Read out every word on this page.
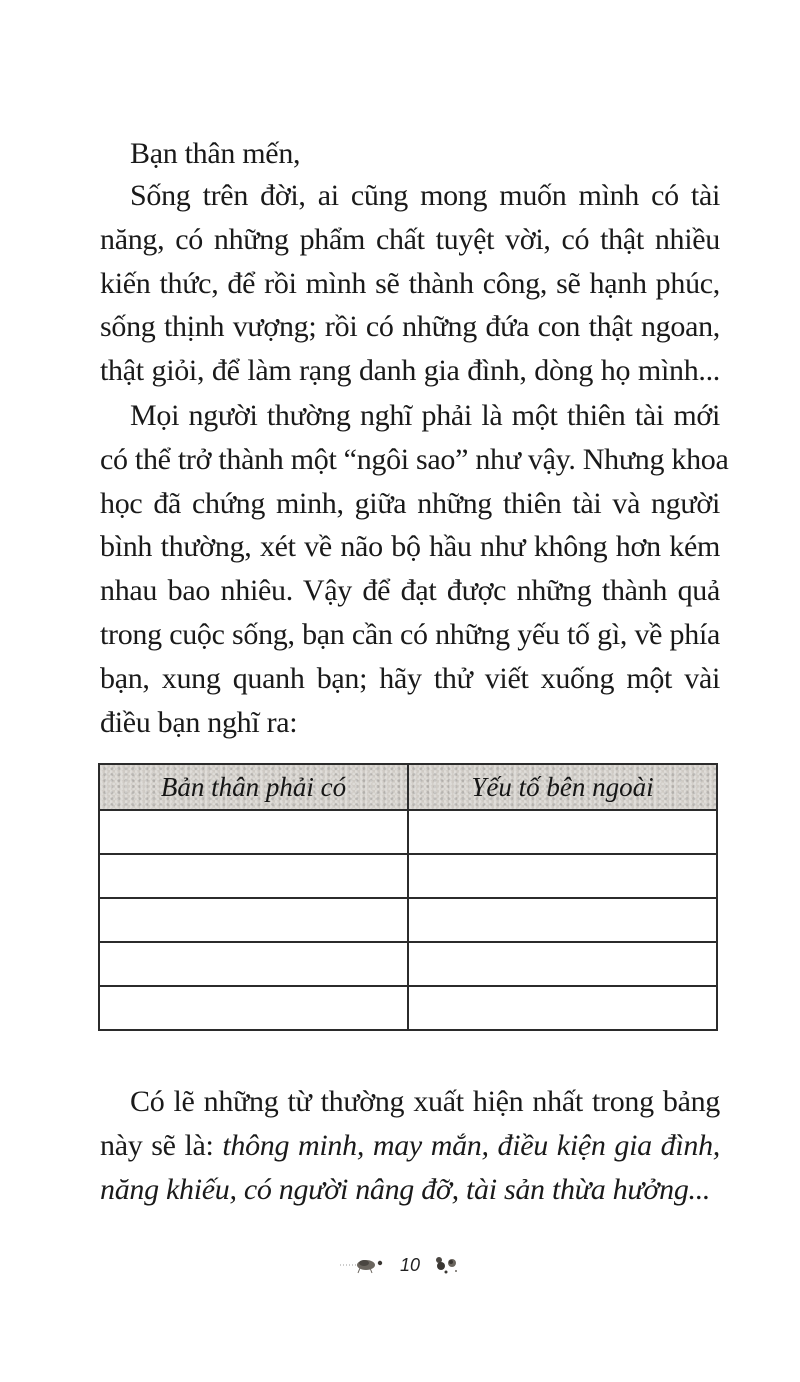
Bạn thân mến,

Sống trên đời, ai cũng mong muốn mình có tài
năng, có những phẩm chất tuyệt vời, có thật nhiều
kiến thức, để rồi mình sẽ thành công, sẽ hạnh phúc,
sống thịnh vượng; rồi có những đứa con thật ngoan,
thật giỏi, để làm rạng danh gia đình, dòng họ mình...
Mọi người thường nghĩ phải là một thiên tài mới
có thể trở thành một “ngôi sao” như vậy. Nhưng khoa
học đã chứng minh, giữa những thiên tài và người
bình thường, xét về não bộ hầu như không hơn kém
nhau bao nhiêu. Vậy để đạt được những thành quả
trong cuộc sống, bạn cần có những yếu tố gì, về phía
bạn, xung quanh bạn; hãy thử viết xuống một vài
điều bạn nghĩ ra:
Bản thân phải có	Yếu tố bên ngoài

Có lẽ những từ thường xuất hiện nhất trong bảng
này sẽ là: thông minh, may mắn, điều kiện gia đình,
năng khiếu, có người nâng đỡ, tài sản thừa hưởng...
10
